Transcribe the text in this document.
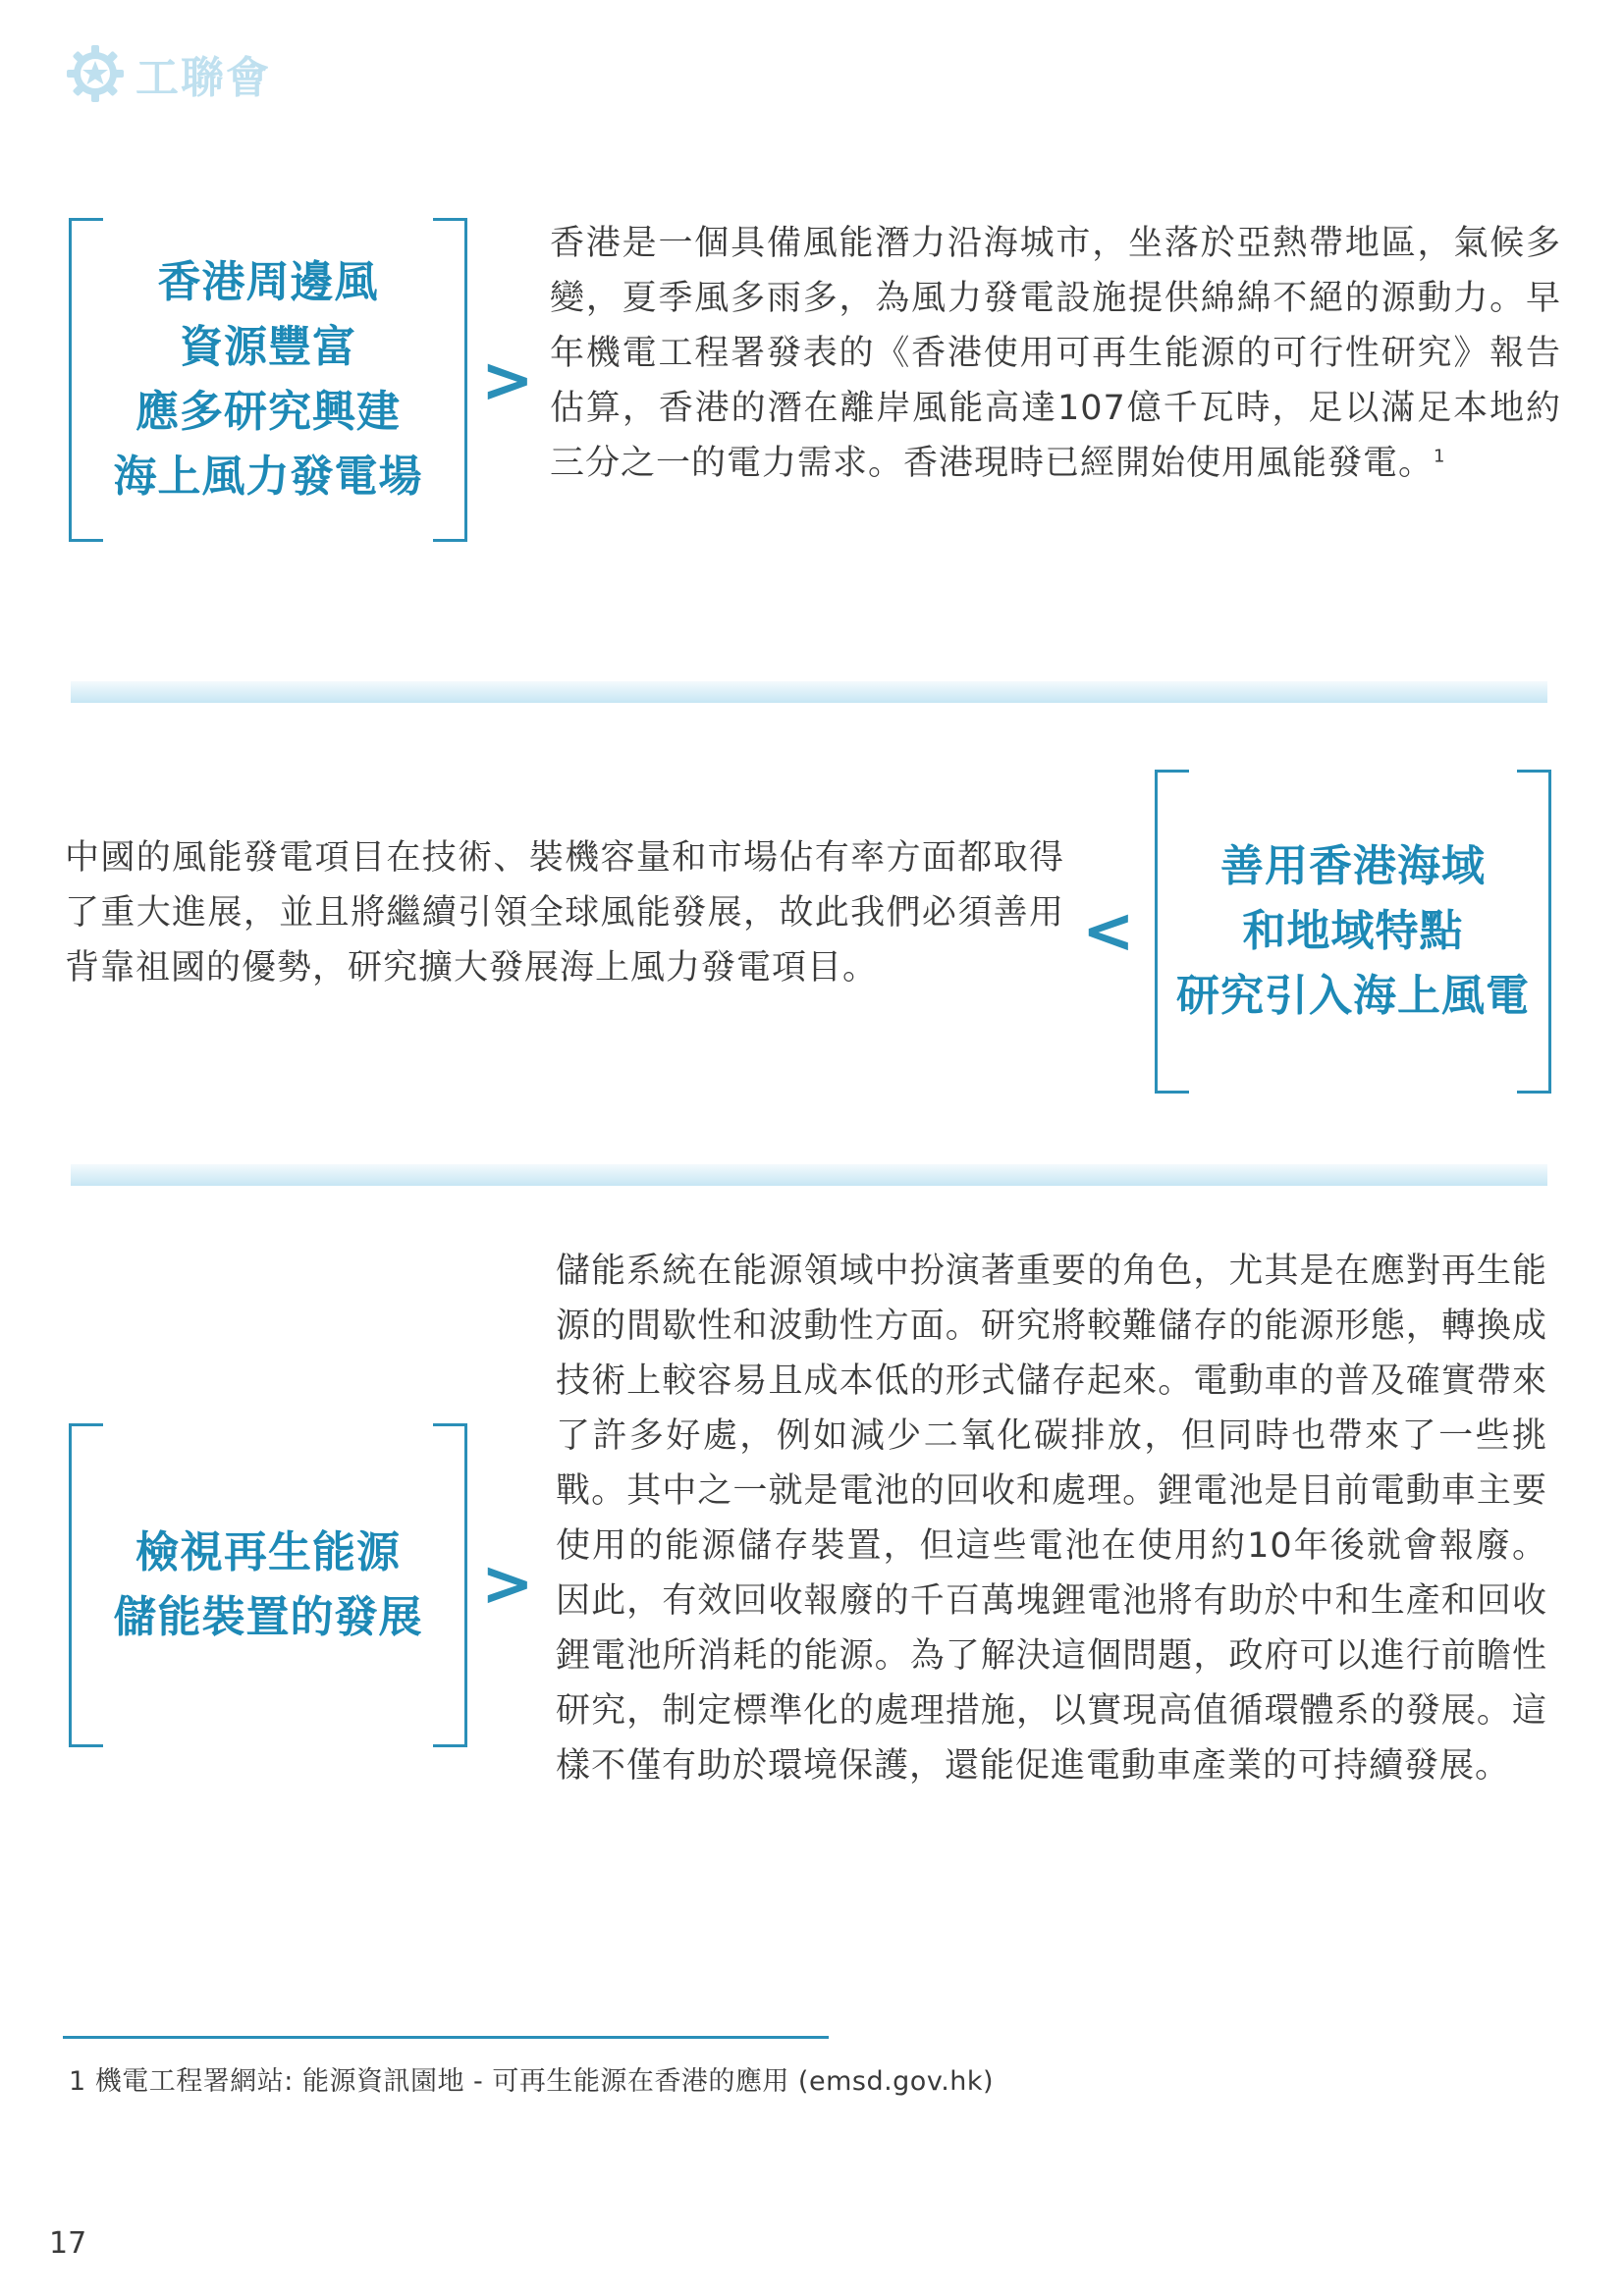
工聯會
香港周邊風
資源豐富
應多研究興建
海上風力發電場
>

香港是一個具備風能潛力沿海城市，坐落於亞熱帶地區，氣候多變，夏季風多雨多，為風力發電設施提供綿綿不絕的源動力。早年機電工程署發表的《香港使用可再生能源的可行性研究》報告估算，香港的潛在離岸風能高達107億千瓦時，足以滿足本地約三分之一的電力需求。香港現時已經開始使用風能發電。$^1$

中國的風能發電項目在技術、裝機容量和市場佔有率方面都取得了重大進展，並且將繼續引領全球風能發展，故此我們必須善用背靠祖國的優勢，研究擴大發展海上風力發電項目。	<
善用香港海域
和地域特點
研究引入海上風電
檢視再生能源
儲能裝置的發展 >

儲能系統在能源領域中扮演著重要的角色，尤其是在應對再生能源的間歇性和波動性方面。研究將較難儲存的能源形態，轉換成技術上較容易且成本低的形式儲存起來。電動車的普及確實帶來了許多好處，例如減少二氧化碳排放，但同時也帶來了一些挑戰。其中之一就是電池的回收和處理。鋰電池是目前電動車主要使用的能源儲存裝置，但這些電池在使用約10年後就會報廢。因此，有效回收報廢的千百萬塊鋰電池將有助於中和生產和回收鋰電池所消耗的能源。為了解決這個問題，政府可以進行前瞻性研究，制定標準化的處理措施，以實現高值循環體系的發展。這樣不僅有助於環境保護，還能促進電動車產業的可持續發展。

1 機電工程署網站: 能源資訊園地 - 可再生能源在香港的應用 (emsd.gov.hk)
17
